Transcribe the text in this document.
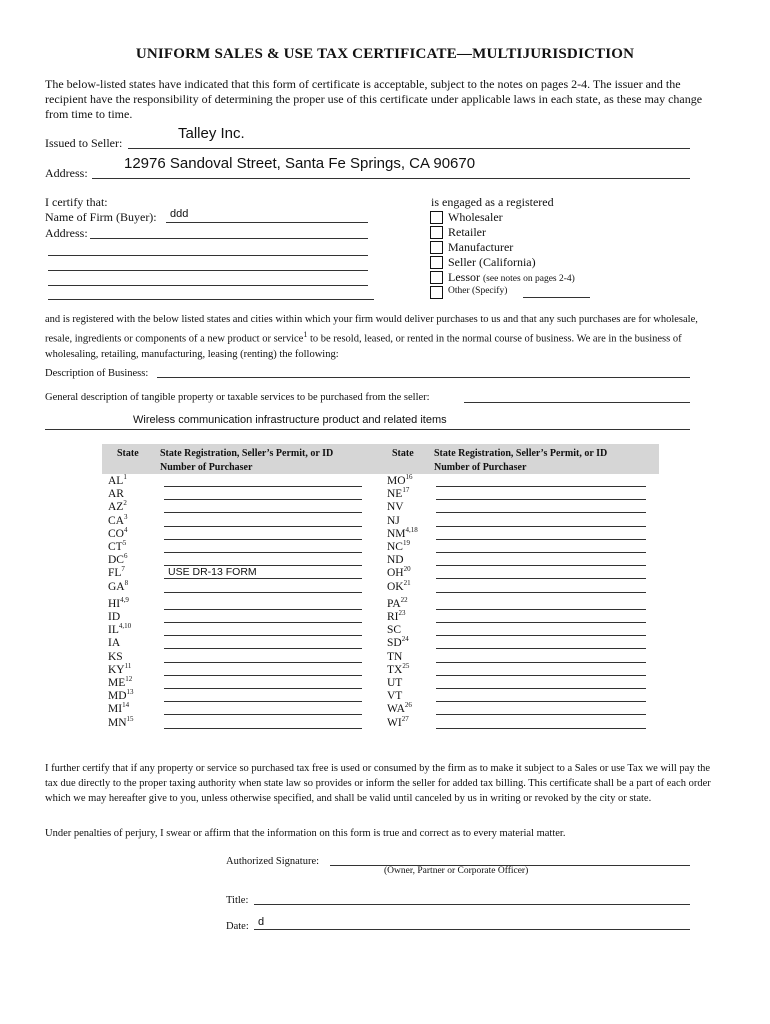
UNIFORM SALES & USE TAX CERTIFICATE—MULTIJURISDICTION
The below-listed states have indicated that this form of certificate is acceptable, subject to the notes on pages 2-4. The issuer and the recipient have the responsibility of determining the proper use of this certificate under applicable laws in each state, as these may change from time to time.
Issued to Seller:
Talley Inc.
Address:
12976 Sandoval Street, Santa Fe Springs, CA 90670
I certify that:
Name of Firm (Buyer): ddd
Address:
is engaged as a registered
Wholesaler
Retailer
Manufacturer
Seller (California)
Lessor (see notes on pages 2-4)
Other (Specify)
and is registered with the below listed states and cities within which your firm would deliver purchases to us and that any such purchases are for wholesale, resale, ingredients or components of a new product or service$^1$ to be resold, leased, or rented in the normal course of business. We are in the business of wholesaling, retailing, manufacturing, leasing (renting) the following:
Description of Business:
General description of tangible property or taxable services to be purchased from the seller:
Wireless communication infrastructure product and related items
State State Registration, Seller’s Permit, or ID
Number of Purchaser
State State Registration, Seller’s Permit, or ID
Number of Purchaser
$AL^1$
AR
$AZ^2$
$CA^3$
$CO^4$
$CT^5$
$DC^6$
$FL^7$	USE DR-13 FORM
$GA^8$
HI$^{4,9}$
ID
IL$^{4,10}$
IA
KS
KY$^{11}$
ME$^{12}$
MD$^{13}$
MI$^{14}$
MN$^{15}$
MO$^{16}$
NE$^{17}$
NV
NJ
NM$^{4,18}$
NC$^{19}$
ND
OH$^{20}$
OK$^{21}$
PA$^{22}$
RI$^{23}$
SC
SD$^{24}$
TN
TX$^{25}$
UT
VT
WA$^{26}$
WI$^{27}$
I further certify that if any property or service so purchased tax free is used or consumed by the firm as to make it subject to a Sales or use Tax we will pay the tax due directly to the proper taxing authority when state law so provides or inform the seller for added tax billing. This certificate shall be a part of each order which we may hereafter give to you, unless otherwise specified, and shall be valid until canceled by us in writing or revoked by the city or state.
Under penalties of perjury, I swear or affirm that the information on this form is true and correct as to every material matter.
Authorized Signature:
(Owner, Partner or Corporate Officer)
Title:
Date: d
